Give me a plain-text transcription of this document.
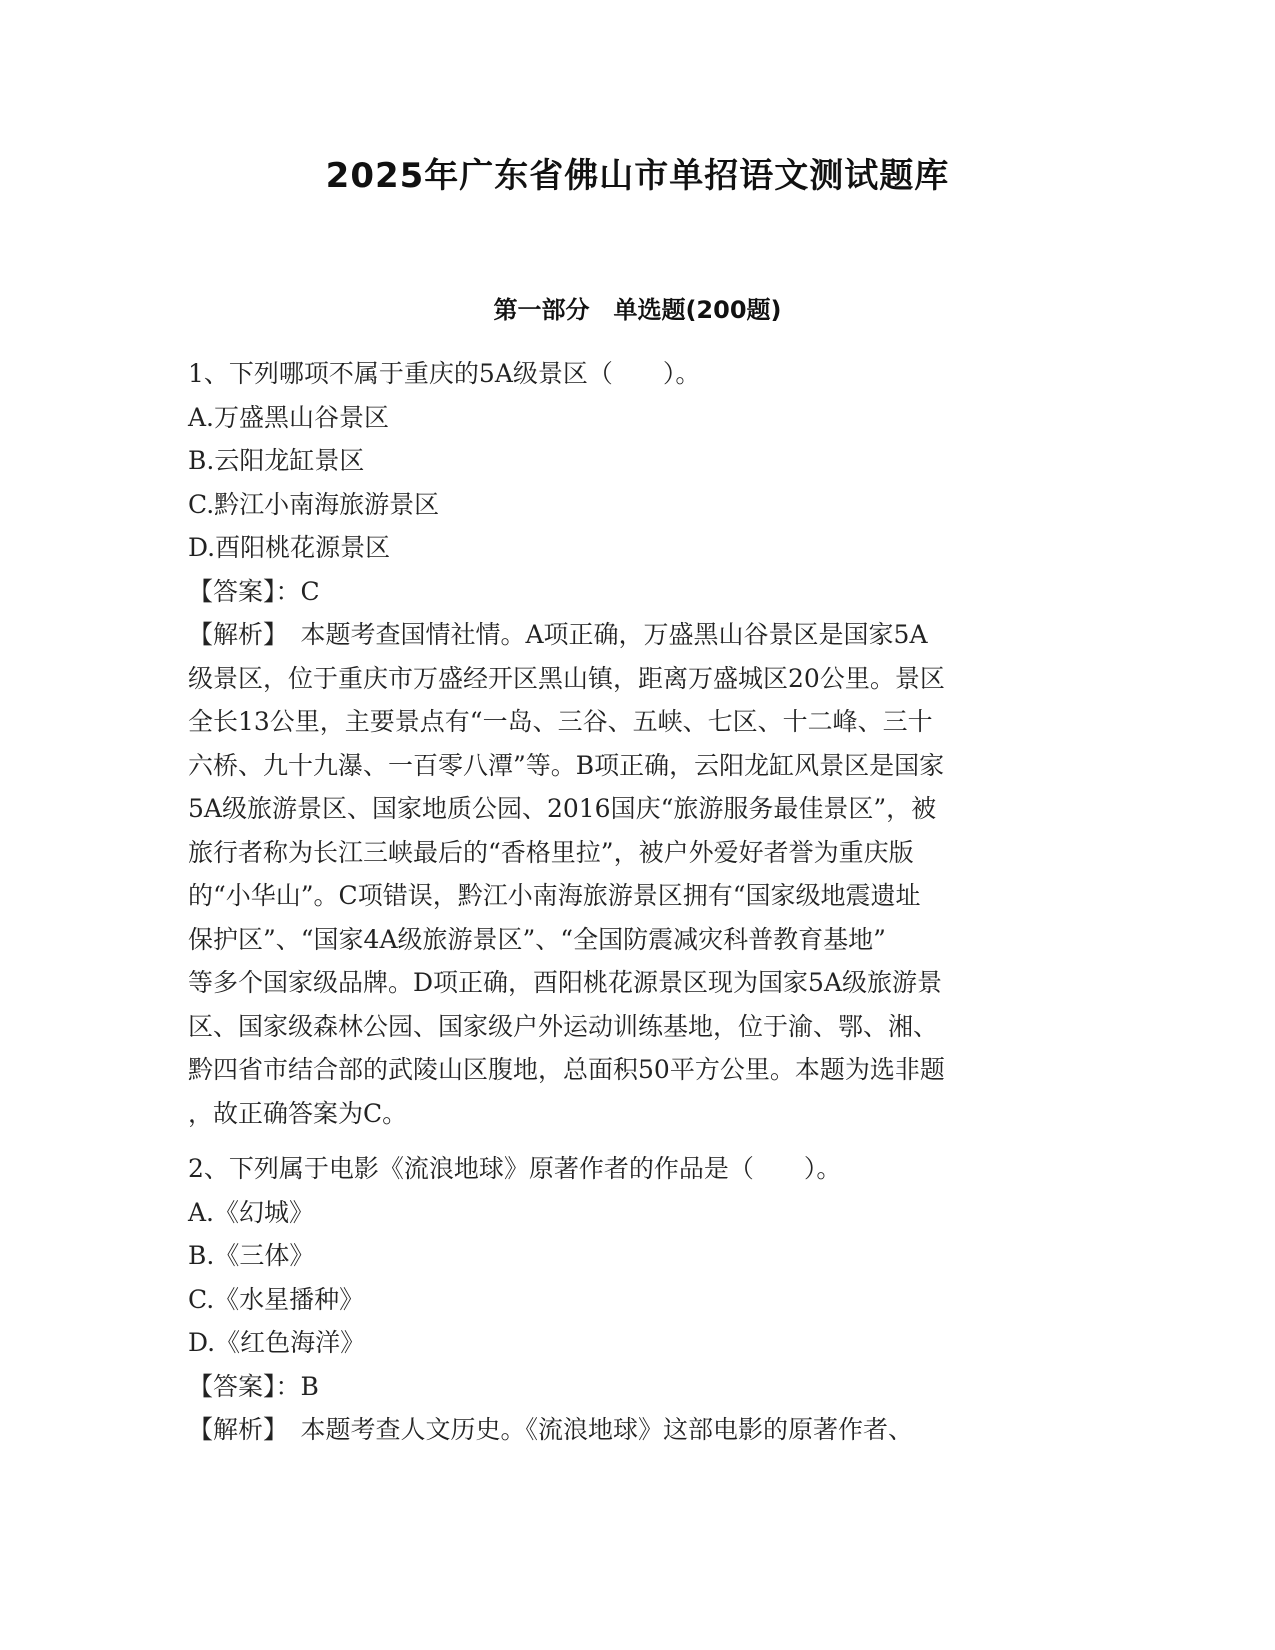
2025年广东省佛山市单招语文测试题库
第一部分　单选题(200题)
1、下列哪项不属于重庆的5A级景区（　　）。
A.万盛黑山谷景区
B.云阳龙缸景区
C.黔江小南海旅游景区
D.酉阳桃花源景区
【答案】：C
【解析】　本题考查国情社情。A项正确，万盛黑山谷景区是国家5A
级景区，位于重庆市万盛经开区黑山镇，距离万盛城区20公里。景区
全长13公里，主要景点有“一岛、三谷、五峡、七区、十二峰、三十
六桥、九十九瀑、一百零八潭”等。B项正确，云阳龙缸风景区是国家
5A级旅游景区、国家地质公园、2016国庆“旅游服务最佳景区”，被
旅行者称为长江三峡最后的“香格里拉”，被户外爱好者誉为重庆版
的“小华山”。C项错误，黔江小南海旅游景区拥有“国家级地震遗址
保护区”、“国家4A级旅游景区”、“全国防震减灾科普教育基地”
等多个国家级品牌。D项正确，酉阳桃花源景区现为国家5A级旅游景
区、国家级森林公园、国家级户外运动训练基地，位于渝、鄂、湘、
黔四省市结合部的武陵山区腹地，总面积50平方公里。本题为选非题
，故正确答案为C。
2、下列属于电影《流浪地球》原著作者的作品是（　　）。
A.《幻城》
B.《三体》
C.《水星播种》
D.《红色海洋》
【答案】：B
【解析】　本题考查人文历史。《流浪地球》这部电影的原著作者、
